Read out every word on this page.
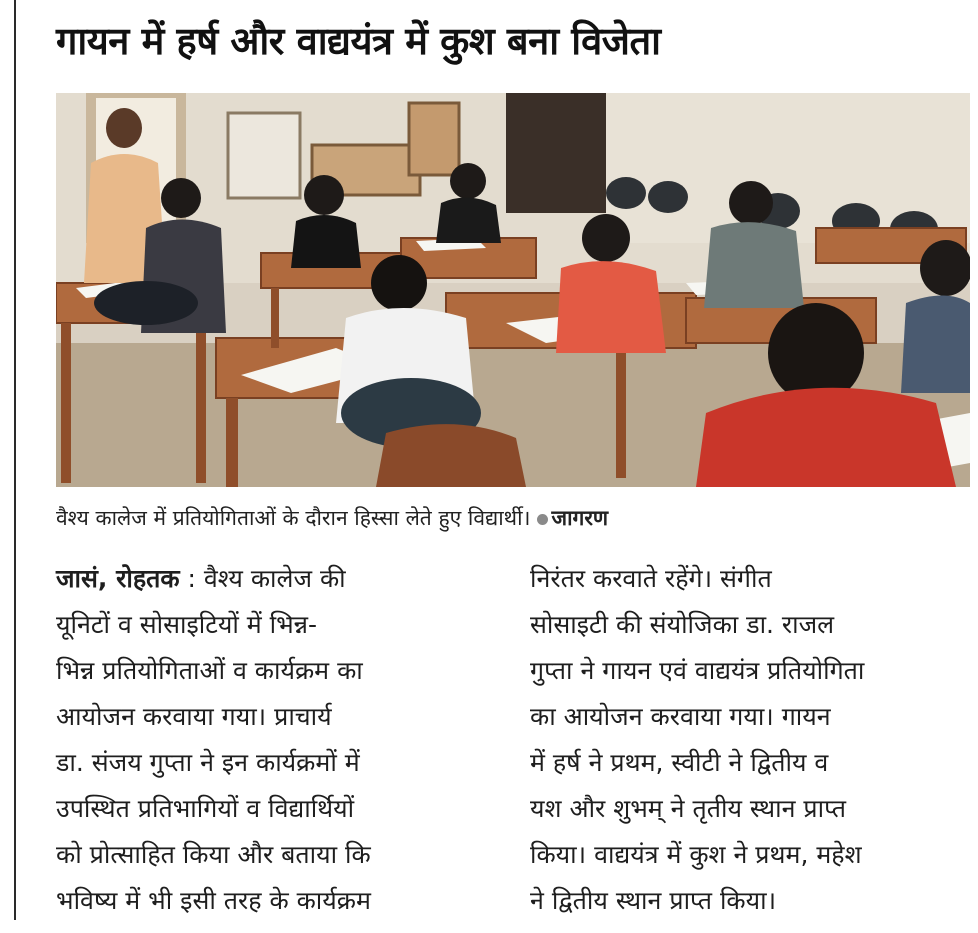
गायन में हर्ष और वाद्ययंत्र में कुश बना विजेता
वैश्य कालेज में प्रतियोगिताओं के दौरान हिस्सा लेते हुए विद्यार्थी। जागरण
जासं, रोहतक : वैश्य कालेज की
यूनिटों व सोसाइटियों में भिन्न-
भिन्न प्रतियोगिताओं व कार्यक्रम का
आयोजन करवाया गया। प्राचार्य
डा. संजय गुप्ता ने इन कार्यक्रमों में
उपस्थित प्रतिभागियों व विद्यार्थियों
को प्रोत्साहित किया और बताया कि
भविष्य में भी इसी तरह के कार्यक्रम
निरंतर करवाते रहेंगे। संगीत
सोसाइटी की संयोजिका डा. राजल
गुप्ता ने गायन एवं वाद्ययंत्र प्रतियोगिता
का आयोजन करवाया गया। गायन
में हर्ष ने प्रथम, स्वीटी ने द्वितीय व
यश और शुभम् ने तृतीय स्थान प्राप्त
किया। वाद्ययंत्र में कुश ने प्रथम, महेश
ने द्वितीय स्थान प्राप्त किया।
